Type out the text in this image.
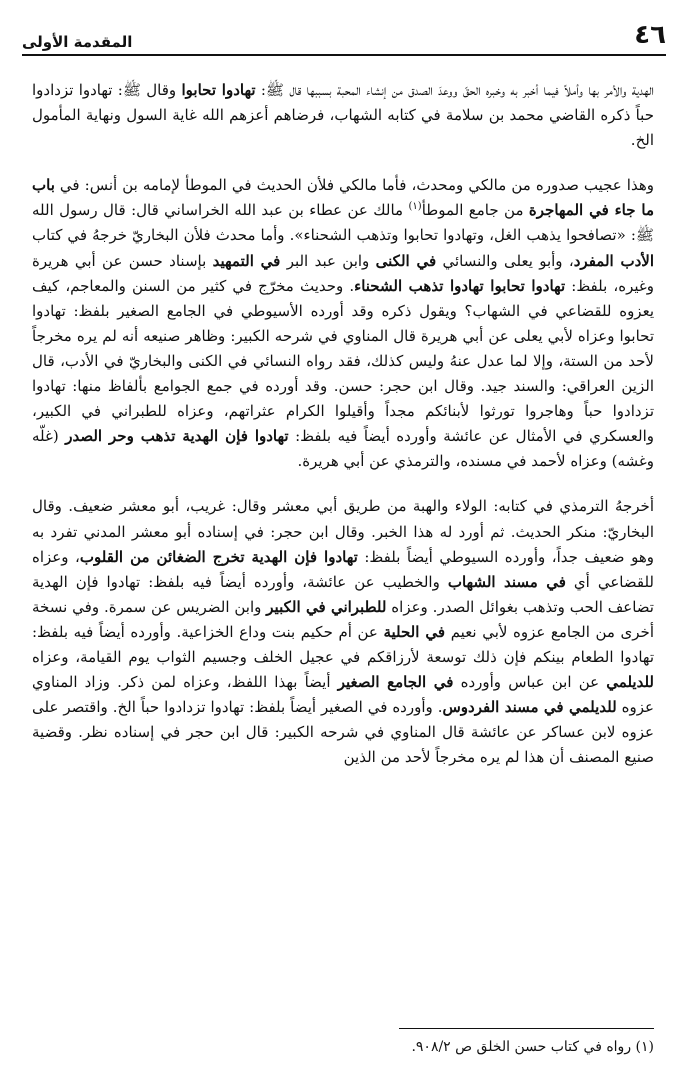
٤٦
المقدمة الأولى

الهدية والأمر بها وأملاً فيما أخبر به وخبره الحقّ ووعدَ الصدق من إنشاء المحبة بسببها قال ﷺ: تهادوا تحابوا وقال ﷺ: تهادوا تزدادوا حباً ذكره القاضي محمد بن سلامة في كتابه الشهاب، فرضاهم أعزهم الله غاية السول ونهاية المأمول الخ.

وهذا عجيب صدوره من مالكي ومحدث، فأما مالكي فلأن الحديث في الموطأ لإمامه بن أنس: في باب ما جاء في المهاجرة من جامع الموطأ$^{(١)}$ مالك عن عطاء بن عبد الله الخراساني قال: قال رسول الله ﷺ: «تصافحوا يذهب الغل، وتهادوا تحابوا وتذهب الشحناء». وأما محدث فلأن البخاريّ خرجهُ في كتاب الأدب المفرد، وأبو يعلى والنسائي في الكنى وابن عبد البر في التمهيد بإسناد حسن عن أبي هريرة وغيره، بلفظ: تهادوا تحابوا تهادوا تذهب الشحناء. وحديث مخرّج في كثير من السنن والمعاجم، كيف يعزوه للقضاعي في الشهاب؟ ويقول ذكره وقد أورده الأسيوطي في الجامع الصغير بلفظ: تهادوا تحابوا وعزاه لأبي يعلى عن أبي هريرة قال المناوي في شرحه الكبير: وظاهر صنيعه أنه لم يره مخرجاً لأحد من الستة، وإلا لما عدل عنهُ وليس كذلك، فقد رواه النسائي في الكنى والبخاريّ في الأدب، قال الزين العراقي: والسند جيد. وقال ابن حجر: حسن. وقد أورده في جمع الجوامع بألفاظ منها: تهادوا تزدادوا حباً وهاجروا تورثوا لأبنائكم مجداً وأقيلوا الكرام عثراتهم، وعزاه للطبراني في الكبير، والعسكري في الأمثال عن عائشة وأورده أيضاً فيه بلفظ: تهادوا فإن الهدية تذهب وحر الصدر (غلّه وغشه) وعزاه لأحمد في مسنده، والترمذي عن أبي هريرة.

أخرجهُ الترمذي في كتابه: الولاء والهبة من طريق أبي معشر وقال: غريب، أبو معشر ضعيف. وقال البخاريّ: منكر الحديث. ثم أورد له هذا الخبر. وقال ابن حجر: في إسناده أبو معشر المدني تفرد به وهو ضعيف جداً، وأورده السيوطي أيضاً بلفظ: تهادوا فإن الهدية تخرج الضغائن من القلوب، وعزاه للقضاعي أي في مسند الشهاب والخطيب عن عائشة، وأورده أيضاً فيه بلفظ: تهادوا فإن الهدية تضاعف الحب وتذهب بغوائل الصدر. وعزاه للطبراني في الكبير وابن الضريس عن سمرة. وفي نسخة أخرى من الجامع عزوه لأبي نعيم في الحلية عن أم حكيم بنت وداع الخزاعية. وأورده أيضاً فيه بلفظ: تهادوا الطعام بينكم فإن ذلك توسعة لأرزاقكم في عجيل الخلف وجسيم الثواب يوم القيامة، وعزاه للديلمي عن ابن عباس وأورده في الجامع الصغير أيضاً بهذا اللفظ، وعزاه لمن ذكر. وزاد المناوي عزوه للديلمي في مسند الفردوس. وأورده في الصغير أيضاً بلفظ: تهادوا تزدادوا حباً الخ. واقتصر على عزوه لابن عساكر عن عائشة قال المناوي في شرحه الكبير: قال ابن حجر في إسناده نظر. وقضية صنيع المصنف أن هذا لم يره مخرجاً لأحد من الذين

(١) رواه في كتاب حسن الخلق ص ٩٠٨/٢.
